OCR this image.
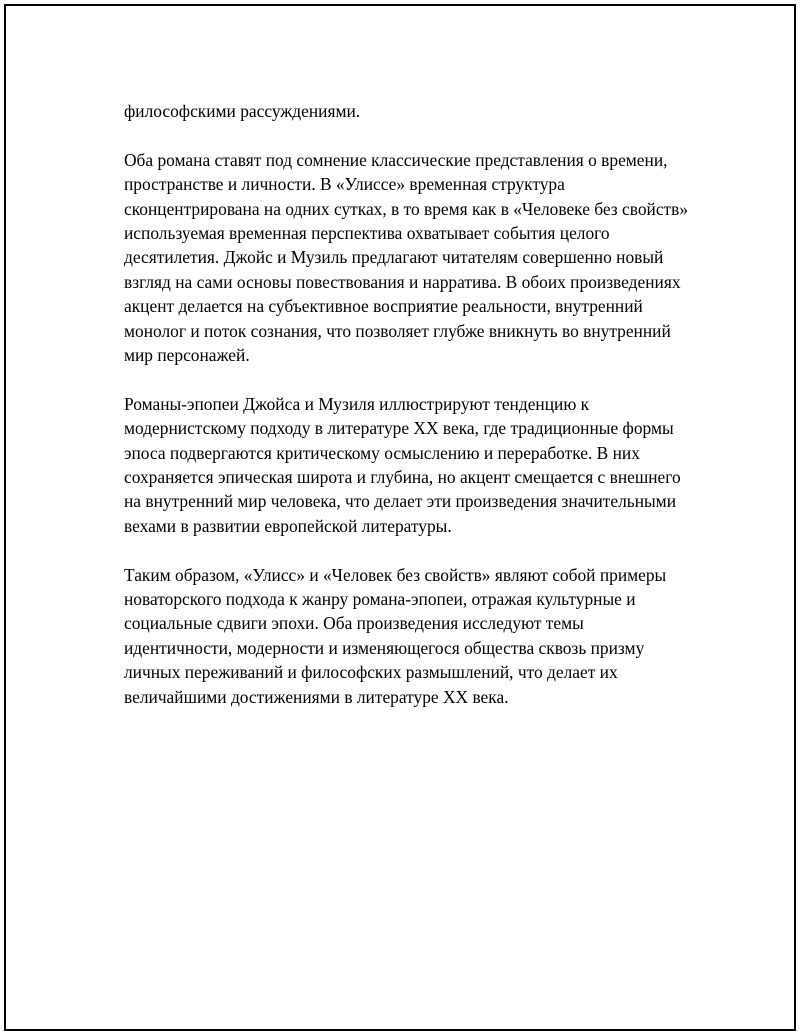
философскими рассуждениями.

Оба романа ставят под сомнение классические представления о времени, пространстве и личности. В «Улиссе» временная структура сконцентрирована на одних сутках, в то время как в «Человеке без свойств» используемая временная перспектива охватывает события целого десятилетия. Джойс и Музиль предлагают читателям совершенно новый взгляд на сами основы повествования и нарратива. В обоих произведениях акцент делается на субъективное восприятие реальности, внутренний монолог и поток сознания, что позволяет глубже вникнуть во внутренний мир персонажей.

Романы-эпопеи Джойса и Музиля иллюстрируют тенденцию к модернистскому подходу в литературе XX века, где традиционные формы эпоса подвергаются критическому осмыслению и переработке. В них сохраняется эпическая широта и глубина, но акцент смещается с внешнего на внутренний мир человека, что делает эти произведения значительными вехами в развитии европейской литературы.

Таким образом, «Улисс» и «Человек без свойств» являют собой примеры новаторского подхода к жанру романа-эпопеи, отражая культурные и социальные сдвиги эпохи. Оба произведения исследуют темы идентичности, модерности и изменяющегося общества сквозь призму личных переживаний и философских размышлений, что делает их величайшими достижениями в литературе XX века.
